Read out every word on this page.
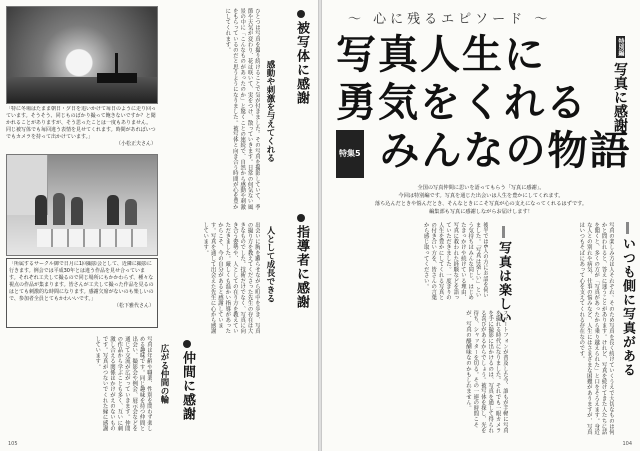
「特に冬場はたまま朝日・夕日を追いかけて毎日のように走り回っています。そうそう、同じものばかり撮って飽きないですか？と聞かれることがありますが、そう思ったことは一度もありません。同じ被写体でも毎回違う表情を見せてくれます。時間があればいつでもカメラを持って出かけています。」
（小松正夫さん）
「所属するサークル御で日月に1回撮影会として、近隣に撮影に行きます。例会では平成30年とは違う作品を見せ合っています。それぞれ工夫して撮るので同じ場所にもかかわらず、種々な視点の作品が集まります。皆さんが工夫して撮った作品を見るのはとても刺激的な時間になります。感謝欠席がないのも楽しいので、参加者全員とてもかわいいです。」
（松下雅代さん）
被写体に感謝
感動や刺激を与えてくれる
ひとつは写真を撮り続けることで気が付きました。その写真を撮影していて、季節や天気が変わり、花は咲いて、実をつけ、散っていきます。日常の何気ない風景の中に「こんなものがあったのか」と驚くことの連続で、自然から感動や刺激をもらっているのだと思うようになりました。被写体と向き合う時間が心を豊かにしてくれます。
指導者に感謝
人として成長できる
出会いに胸を躍らせながら町中を歩き、写真の撮り方を教えてくださった先生の存在は大きなものでした。技術だけでなく、写真に向き合う姿勢や、人としての在り方を教えていただきました。厳しくも温かい指導があったからこそ、今の自分があると感謝しています。写真を通して出会えた先生に心から感謝しています。
仲間に感謝
広がる仲間の輪
写真は年齢や職業、性別を問わず楽しめる趣味です。同じ趣味を持つ仲間と出会い、撮影会や例会、展示会などを通じて交流が広がっていきます。仲間の作品から学ぶことも多く、互いに刺激し合える関係はかけがえのないものです。写真がつないでくれた縁に感謝しています。
105
〜 心に残るエピソード 〜
写真人生に
勇気をくれる
特集5 みんなの物語
特別編写真に感謝
全国の写真仲間に思いを語ってもらう「写真に感謝」。
今回は特別編です。写真を通じた出会いは人生を豊かにしてくれます。
落ち込んだときや悩んだとき、そんなときにこそ写真が心の支えになってくれるはずです。
編集部も写真に感謝しながらお届けします！
いつも側に写真がある
写真の楽しみ方は人それぞれ。そのため写真を長く続けていくうえで大切なものは何かと問われると、答えに迷うことがあります。けれど、写真を続けてきた人たちに話を聞くと、多くの方が「写真があったから乗り越えられた」と口をそろえます。身近な人との別れや病気、仕事の悩みなど、人生にはさまざまな困難がありますが、写真はいつもそばにあって心を支えてくれる存在なのです。
写真は楽しい
後半では6人の方にお話を伺いました。「写真は楽しい」という気持ちはみんな同じ。はじめたきっかけや続けている理由、写真に救われた経験などを語っていただきました。一度きりの人生を豊かにしてくれる写真との付き合い方を、皆さんの言葉から感じ取ってください。
スマートフォンが普及した今、誰もが手軽に写真を撮れる時代になりました。それでも一眼カメラを手に撮影に出かけるのは、写真を通して得られる喜びがあるからでしょう。被写体を探し、光を待ち、シャッターを切る。その一連の時間こそが、写真の醍醐味なのかもしれません。
104
